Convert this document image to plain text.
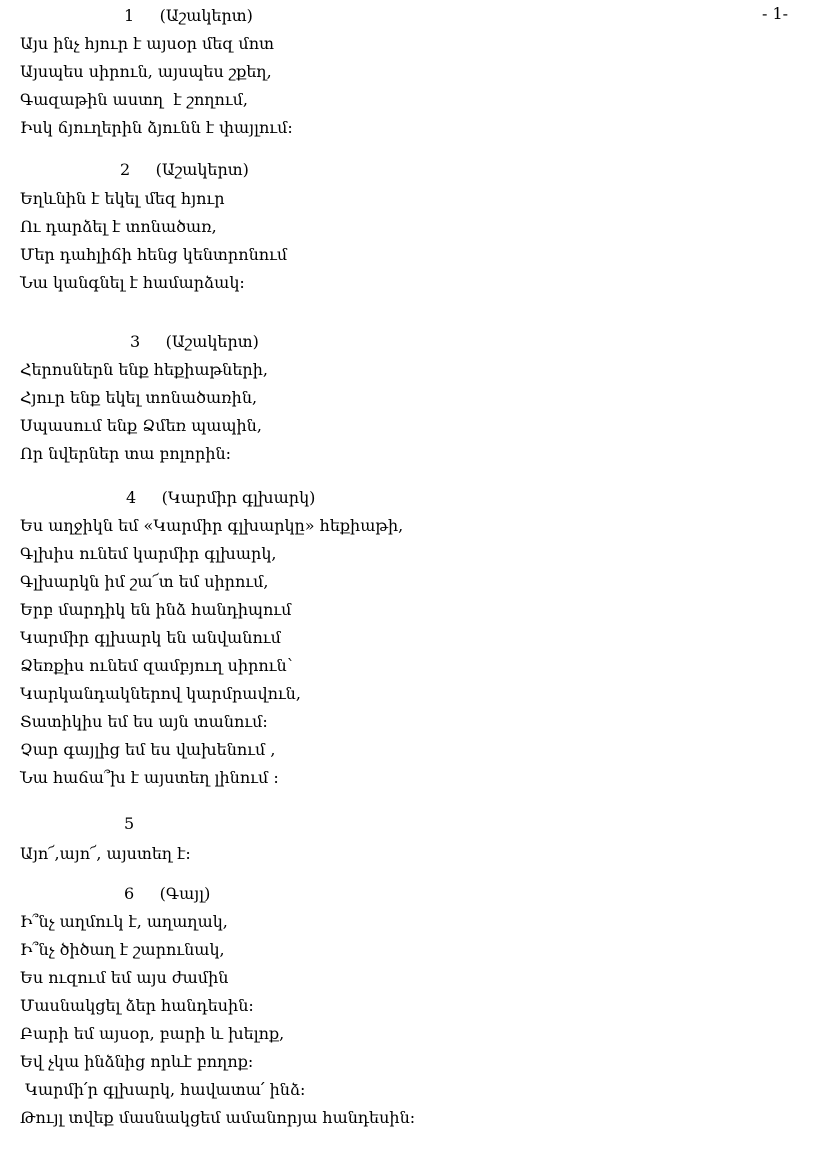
- 1-
1     (Աշակերտ)
Այս ինչ հյուր է այսօր մեզ մոտ
Այսպես սիրուն, այսպես շքեղ,
Գազաթին աստղ  է շողում,
Իսկ ճյուղերին ձյունն է փայլում:
2     (Աշակերտ)
Եղևնին է եկել մեզ հյուր
Ու դարձել է տոնածառ,
Մեր դահլիճի հենց կենտրոնում
Նա կանգնել է համարձակ:
3     (Աշակերտ)
Հերոսներն ենք հեքիաթների,
Հյուր ենք եկել տոնածառին,
Սպասում ենք Ձմեռ պապին,
Որ նվերներ տա բոլորին:
4     (Կարմիր գլխարկ)
Ես աղջիկն եմ «Կարմիր գլխարկը» հեքիաթի,
Գլխիս ունեմ կարմիր գլխարկ,
Գլխարկն իմ շա՜տ եմ սիրում,
Երբ մարդիկ են ինձ հանդիպում
Կարմիր գլխարկ են անվանում
Ձեռքիս ունեմ զամբյուղ սիրուն՝
Կարկանդակներով կարմրավուն,
Տատիկիս եմ ես այն տանում:
Չար գայլից եմ ես վախենում ,
Նա հաճա՞խ է այստեղ լինում :
5
Այո՜,այո՜, այստեղ է:
6     (Գայլ)
Ի՞նչ աղմուկ է, աղաղակ,
Ի՞նչ ծիծաղ է շարունակ,
Ես ուզում եմ այս ժամին
Մասնակցել ձեր հանդեսին:
Բարի եմ այսօր, բարի և խելոք,
Եվ չկա ինձնից որևէ բողոք:
Կարմի՛ր գլխարկ, հավատա՛ ինձ:
Թույլ տվեք մասնակցեմ ամանորյա հանդեսին:
